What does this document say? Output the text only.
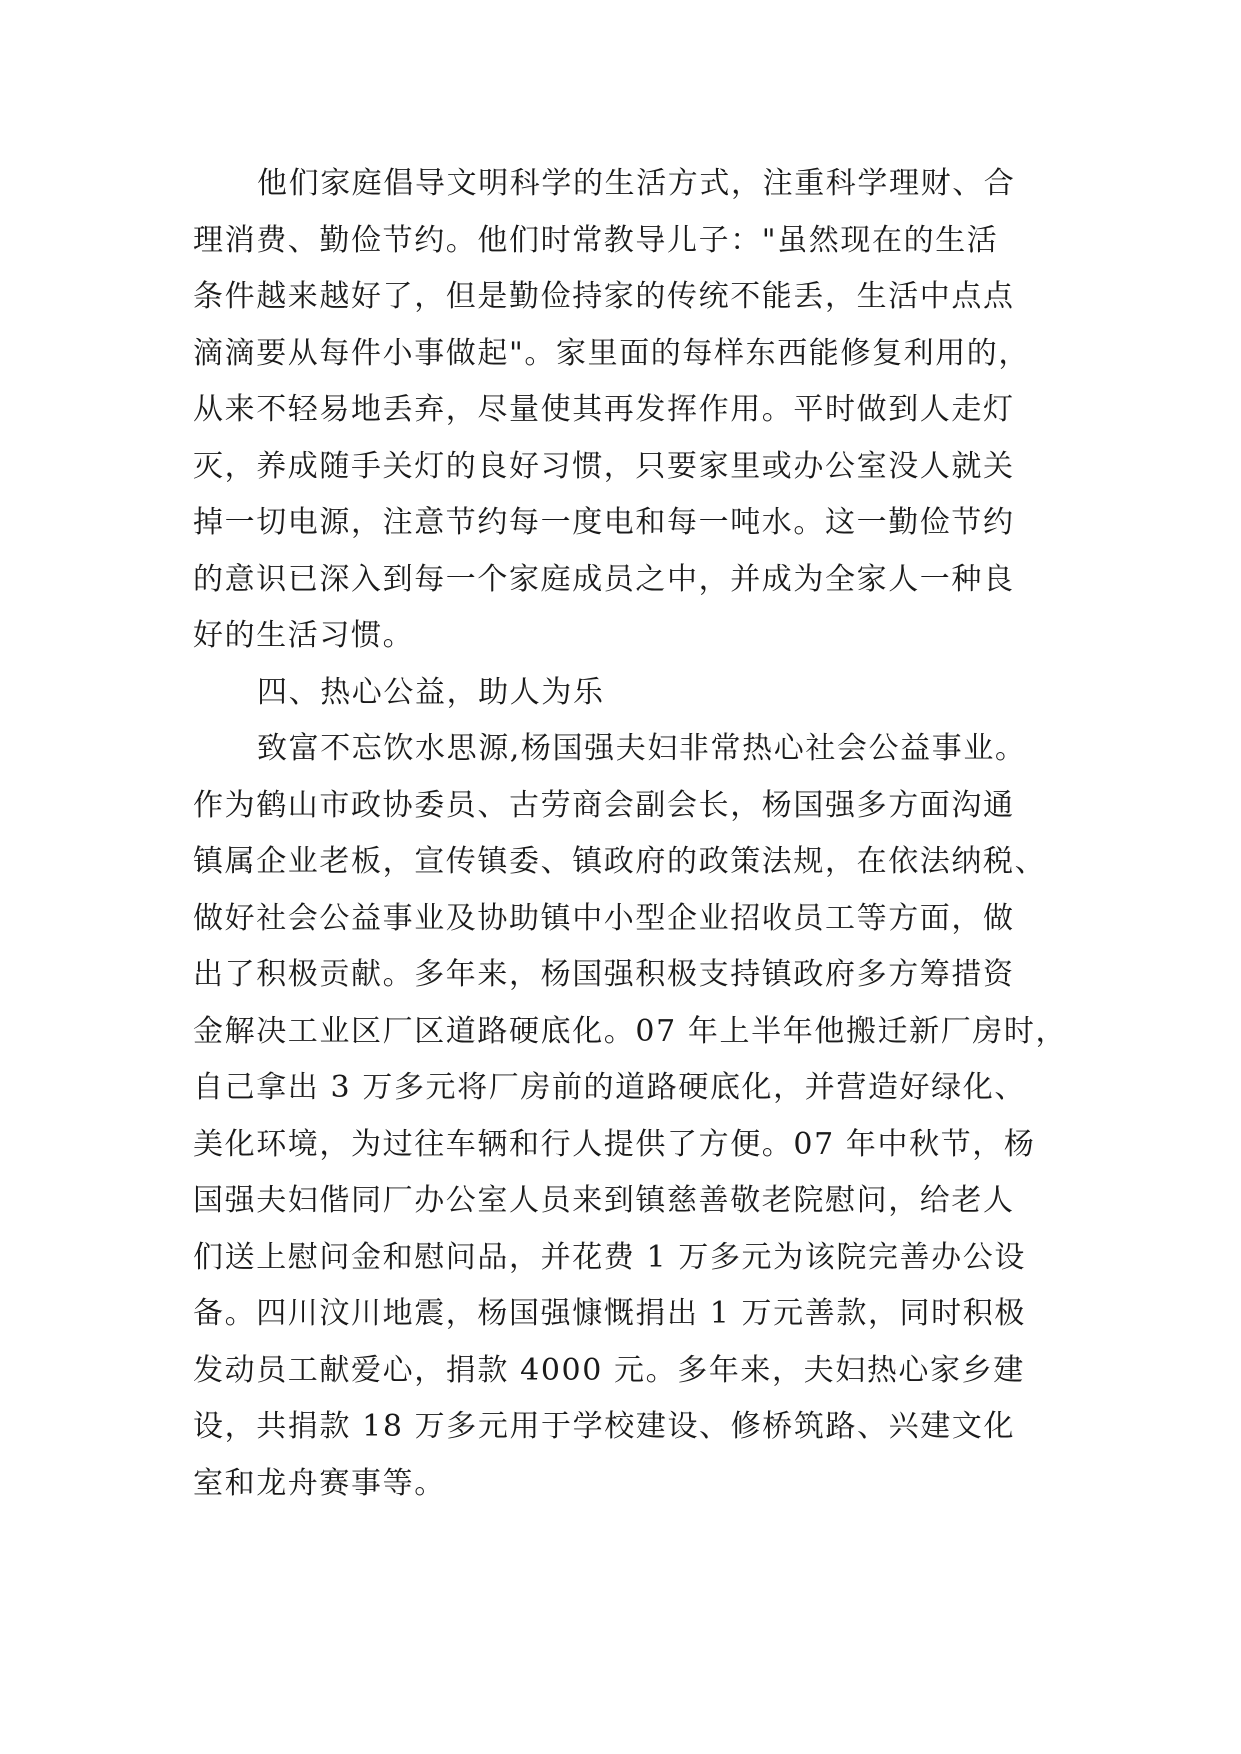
他们家庭倡导文明科学的生活方式，注重科学理财、合
理消费、勤俭节约。他们时常教导儿子："虽然现在的生活
条件越来越好了，但是勤俭持家的传统不能丢，生活中点点
滴滴要从每件小事做起"。家里面的每样东西能修复利用的，
从来不轻易地丢弃，尽量使其再发挥作用。平时做到人走灯
灭，养成随手关灯的良好习惯，只要家里或办公室没人就关
掉一切电源，注意节约每一度电和每一吨水。这一勤俭节约
的意识已深入到每一个家庭成员之中，并成为全家人一种良
好的生活习惯。
四、热心公益，助人为乐
致富不忘饮水思源,杨国强夫妇非常热心社会公益事业。
作为鹤山市政协委员、古劳商会副会长，杨国强多方面沟通
镇属企业老板，宣传镇委、镇政府的政策法规，在依法纳税、
做好社会公益事业及协助镇中小型企业招收员工等方面，做
出了积极贡献。多年来，杨国强积极支持镇政府多方筹措资
金解决工业区厂区道路硬底化。07 年上半年他搬迁新厂房时，
自己拿出 3 万多元将厂房前的道路硬底化，并营造好绿化、
美化环境，为过往车辆和行人提供了方便。07 年中秋节，杨
国强夫妇偕同厂办公室人员来到镇慈善敬老院慰问，给老人
们送上慰问金和慰问品，并花费 1 万多元为该院完善办公设
备。四川汶川地震，杨国强慷慨捐出 1 万元善款，同时积极
发动员工献爱心，捐款 4000 元。多年来，夫妇热心家乡建
设，共捐款 18 万多元用于学校建设、修桥筑路、兴建文化
室和龙舟赛事等。
